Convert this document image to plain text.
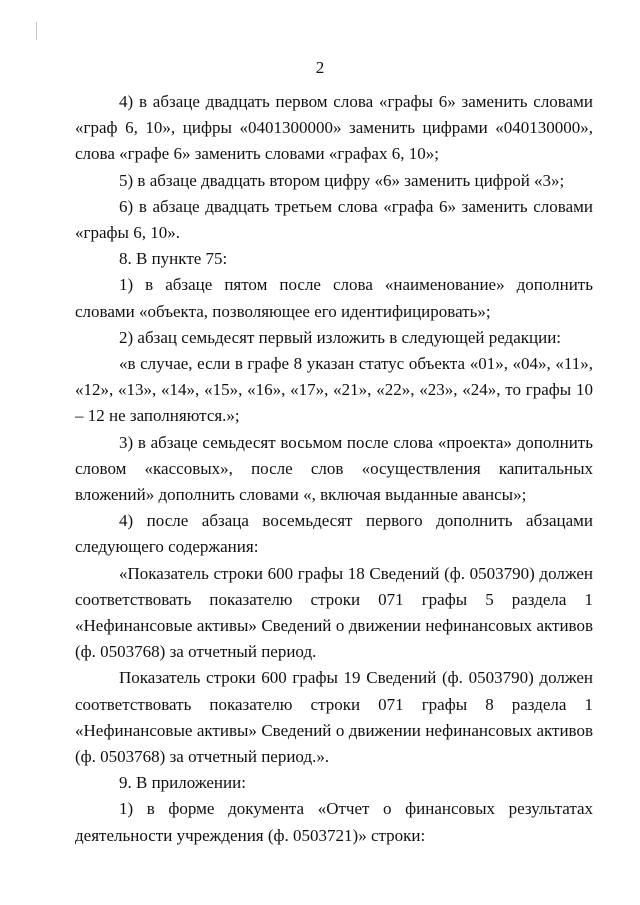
2

4) в абзаце двадцать первом слова «графы 6» заменить словами «граф 6, 10», цифры «0401300000» заменить цифрами «040130000», слова «графе 6» заменить словами «графах 6, 10»;

5) в абзаце двадцать втором цифру «6» заменить цифрой «3»;

6) в абзаце двадцать третьем слова «графа 6» заменить словами «графы 6, 10».

8. В пункте 75:

1) в абзаце пятом после слова «наименование» дополнить словами «объекта, позволяющее его идентифицировать»;

2) абзац семьдесят первый изложить в следующей редакции:

«в случае, если в графе 8 указан статус объекта «01», «04», «11», «12», «13», «14», «15», «16», «17», «21», «22», «23», «24», то графы 10 – 12 не заполняются.»;

3) в абзаце семьдесят восьмом после слова «проекта» дополнить словом «кассовых», после слов «осуществления капитальных вложений» дополнить словами «, включая выданные авансы»;

4) после абзаца восемьдесят первого дополнить абзацами следующего содержания:

«Показатель строки 600 графы 18 Сведений (ф. 0503790) должен соответствовать показателю строки 071 графы 5 раздела 1 «Нефинансовые активы» Сведений о движении нефинансовых активов (ф. 0503768) за отчетный период.

Показатель строки 600 графы 19 Сведений (ф. 0503790) должен соответствовать показателю строки 071 графы 8 раздела 1 «Нефинансовые активы» Сведений о движении нефинансовых активов (ф. 0503768) за отчетный период.».

9. В приложении:

1) в форме документа «Отчет о финансовых результатах деятельности учреждения (ф. 0503721)» строки:
